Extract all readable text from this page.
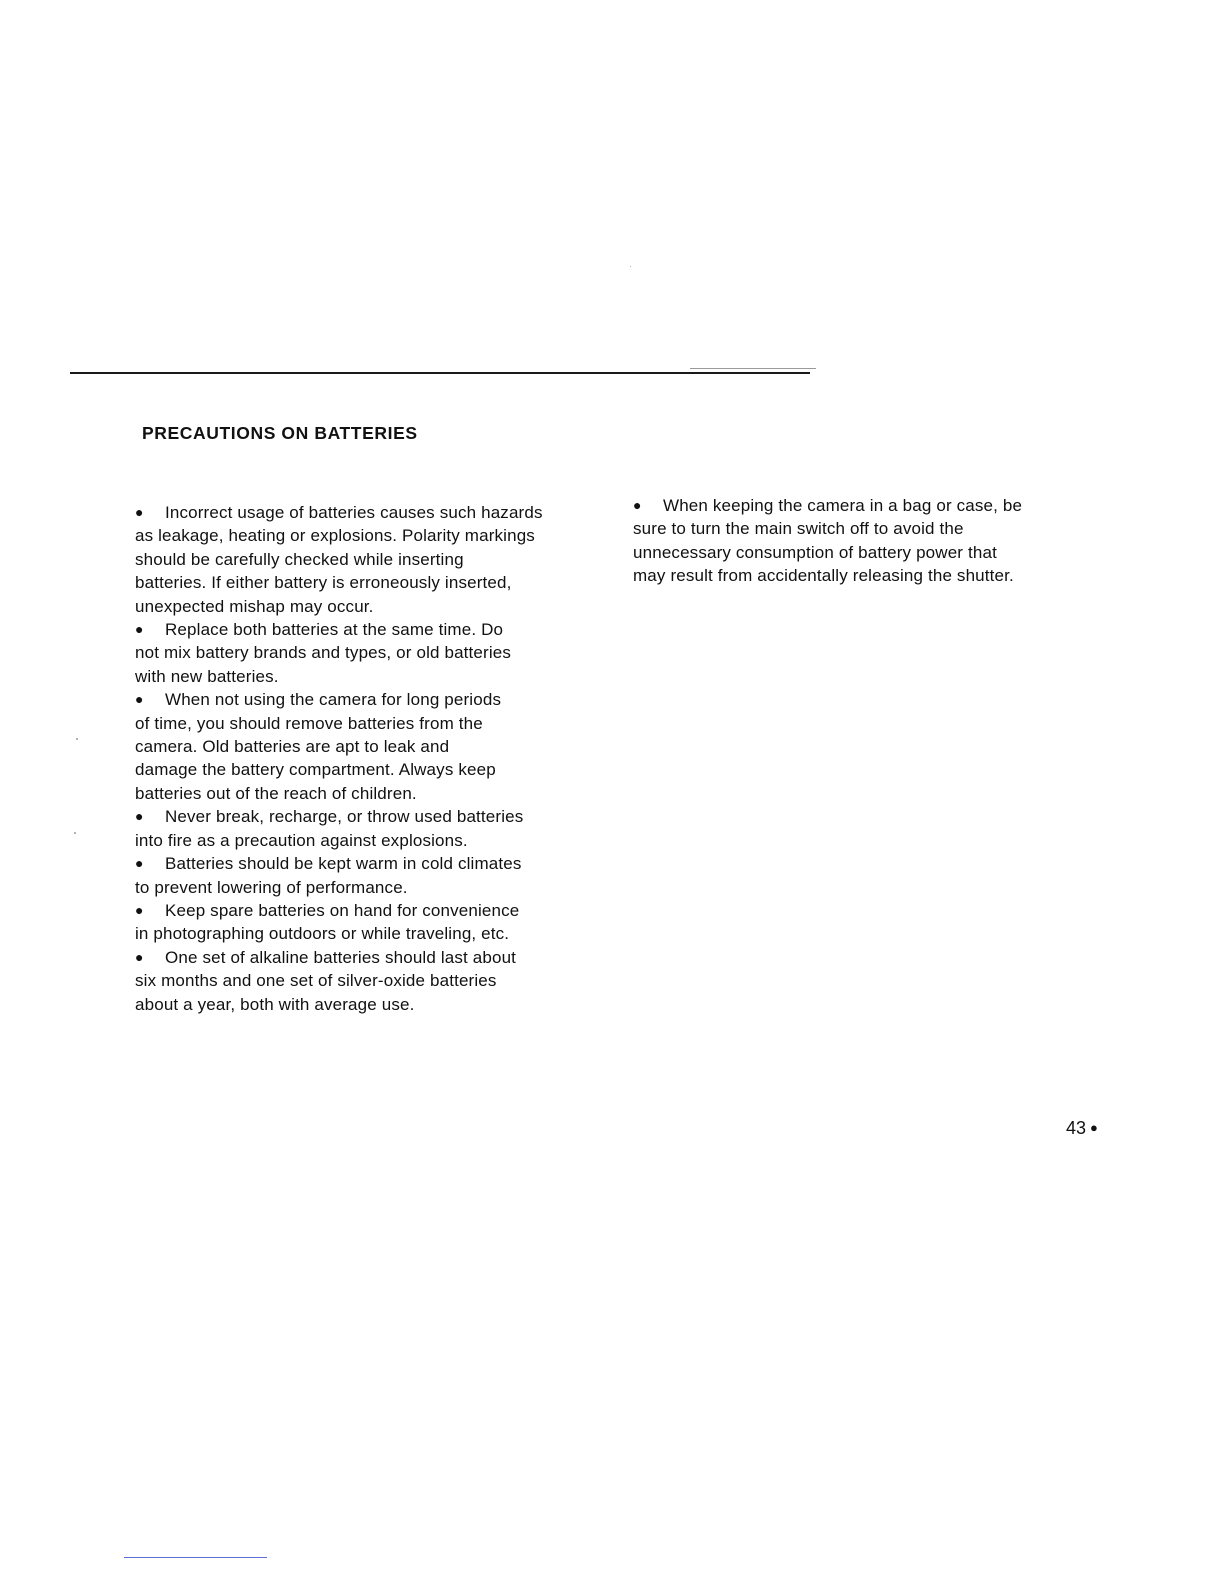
PRECAUTIONS ON BATTERIES
● Incorrect usage of batteries causes such hazards
as leakage, heating or explosions. Polarity markings
should be carefully checked while inserting
batteries. If either battery is erroneously inserted,
unexpected mishap may occur.
● Replace both batteries at the same time. Do
not mix battery brands and types, or old batteries
with new batteries.
● When not using the camera for long periods
of time, you should remove batteries from the
camera. Old batteries are apt to leak and
damage the battery compartment. Always keep
batteries out of the reach of children.
● Never break, recharge, or throw used batteries
into fire as a precaution against explosions.
● Batteries should be kept warm in cold climates
to prevent lowering of performance.
● Keep spare batteries on hand for convenience
in photographing outdoors or while traveling, etc.
● One set of alkaline batteries should last about
six months and one set of silver-oxide batteries
about a year, both with average use.
● When keeping the camera in a bag or case, be
sure to turn the main switch off to avoid the
unnecessary consumption of battery power that
may result from accidentally releasing the shutter.
43 ●
